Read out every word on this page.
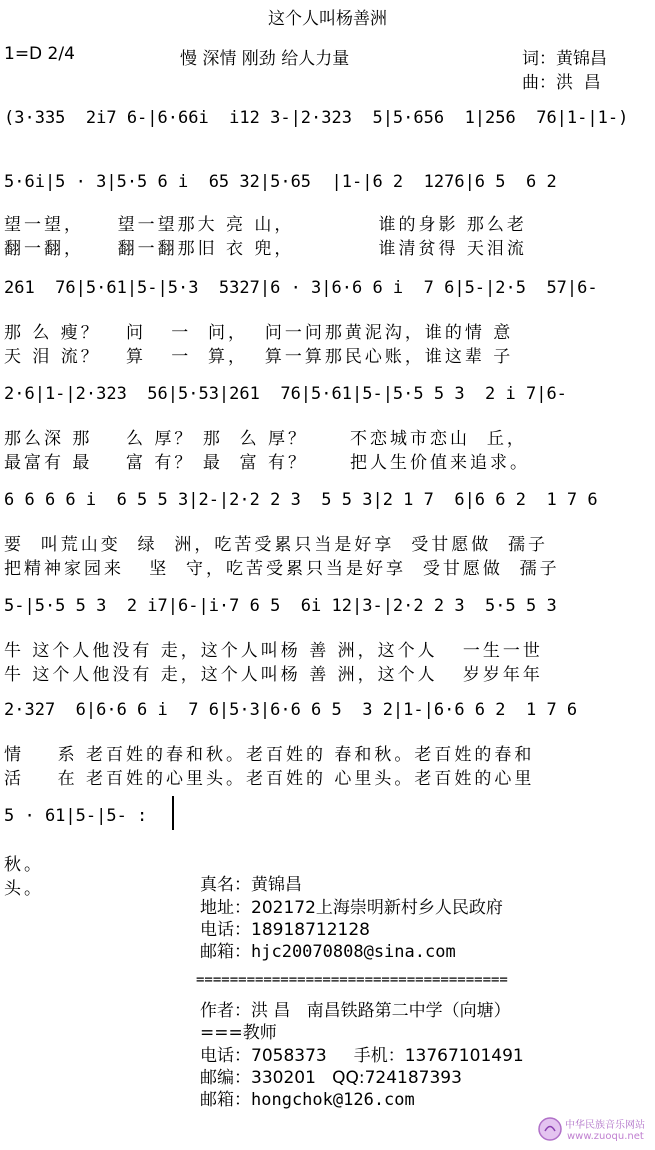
这个人叫杨善洲
1=D 2/4	慢 深情 刚劲 给人力量	词：黄锦昌
曲：洪  昌
(3·335  2i7 6-|6·66i  i12 3-|2·323  5|5·656  1|256  76|1-|1-)
5·6i|5 · 3|5·5 6 i  65 32|5·65  |1-|6 2  1276|6 5  6 2
望一望，    望一望那大 亮 山，          谁的身影 那么老
翻一翻，    翻一翻那旧 衣 兜，          谁清贫得 天泪流
261  76|5·61|5-|5·3  5327|6 · 3|6·6 6 i  7 6|5-|2·5  57|6-
那 么 瘦？   问   一  问，  问一问那黄泥沟，谁的情 意
天 泪 流？   算   一  算，  算一算那民心账，谁这辈 子
2·6|1-|2·323  56|5·53|261  76|5·61|5-|5·5 5 3  2 i 7|6-
那么深 那    么 厚？ 那  么 厚？     不恋城市恋山  丘，
最富有 最    富 有？ 最  富 有？     把人生价值来追求。
6 6 6 6 i  6 5 5 3|2-|2·2 2 3  5 5 3|2 1 7  6|6 6 2  1 7 6
要  叫荒山变  绿  洲，吃苦受累只当是好享  受甘愿做  孺子
把精神家园来   坚  守，吃苦受累只当是好享  受甘愿做  孺子
5-|5·5 5 3  2 i7|6-|i·7 6 5  6i 12|3-|2·2 2 3  5·5 5 3
牛 这个人他没有 走，这个人叫杨 善 洲，这个人   一生一世
牛 这个人他没有 走，这个人叫杨 善 洲，这个人   岁岁年年
2·327  6|6·6 6 i  7 6|5·3|6·6 6 5  3 2|1-|6·6 6 2  1 7 6
情    系 老百姓的春和秋。老百姓的 春和秋。老百姓的春和
活    在 老百姓的心里头。老百姓的 心里头。老百姓的心里
5 · 61|5-|5- :
秋。
头。	真名：黄锦昌
地址：202172上海崇明新村乡人民政府
电话：18918712128
邮箱：hjc20070808@sina.com
=====================================
作者：洪 昌   南昌铁路第二中学（向塘）
===教师
电话：7058373     手机：13767101491
邮编：330201   QQ:724187393
邮箱：hongchok@126.com
中华民族音乐网站
www.zuoqu.net
